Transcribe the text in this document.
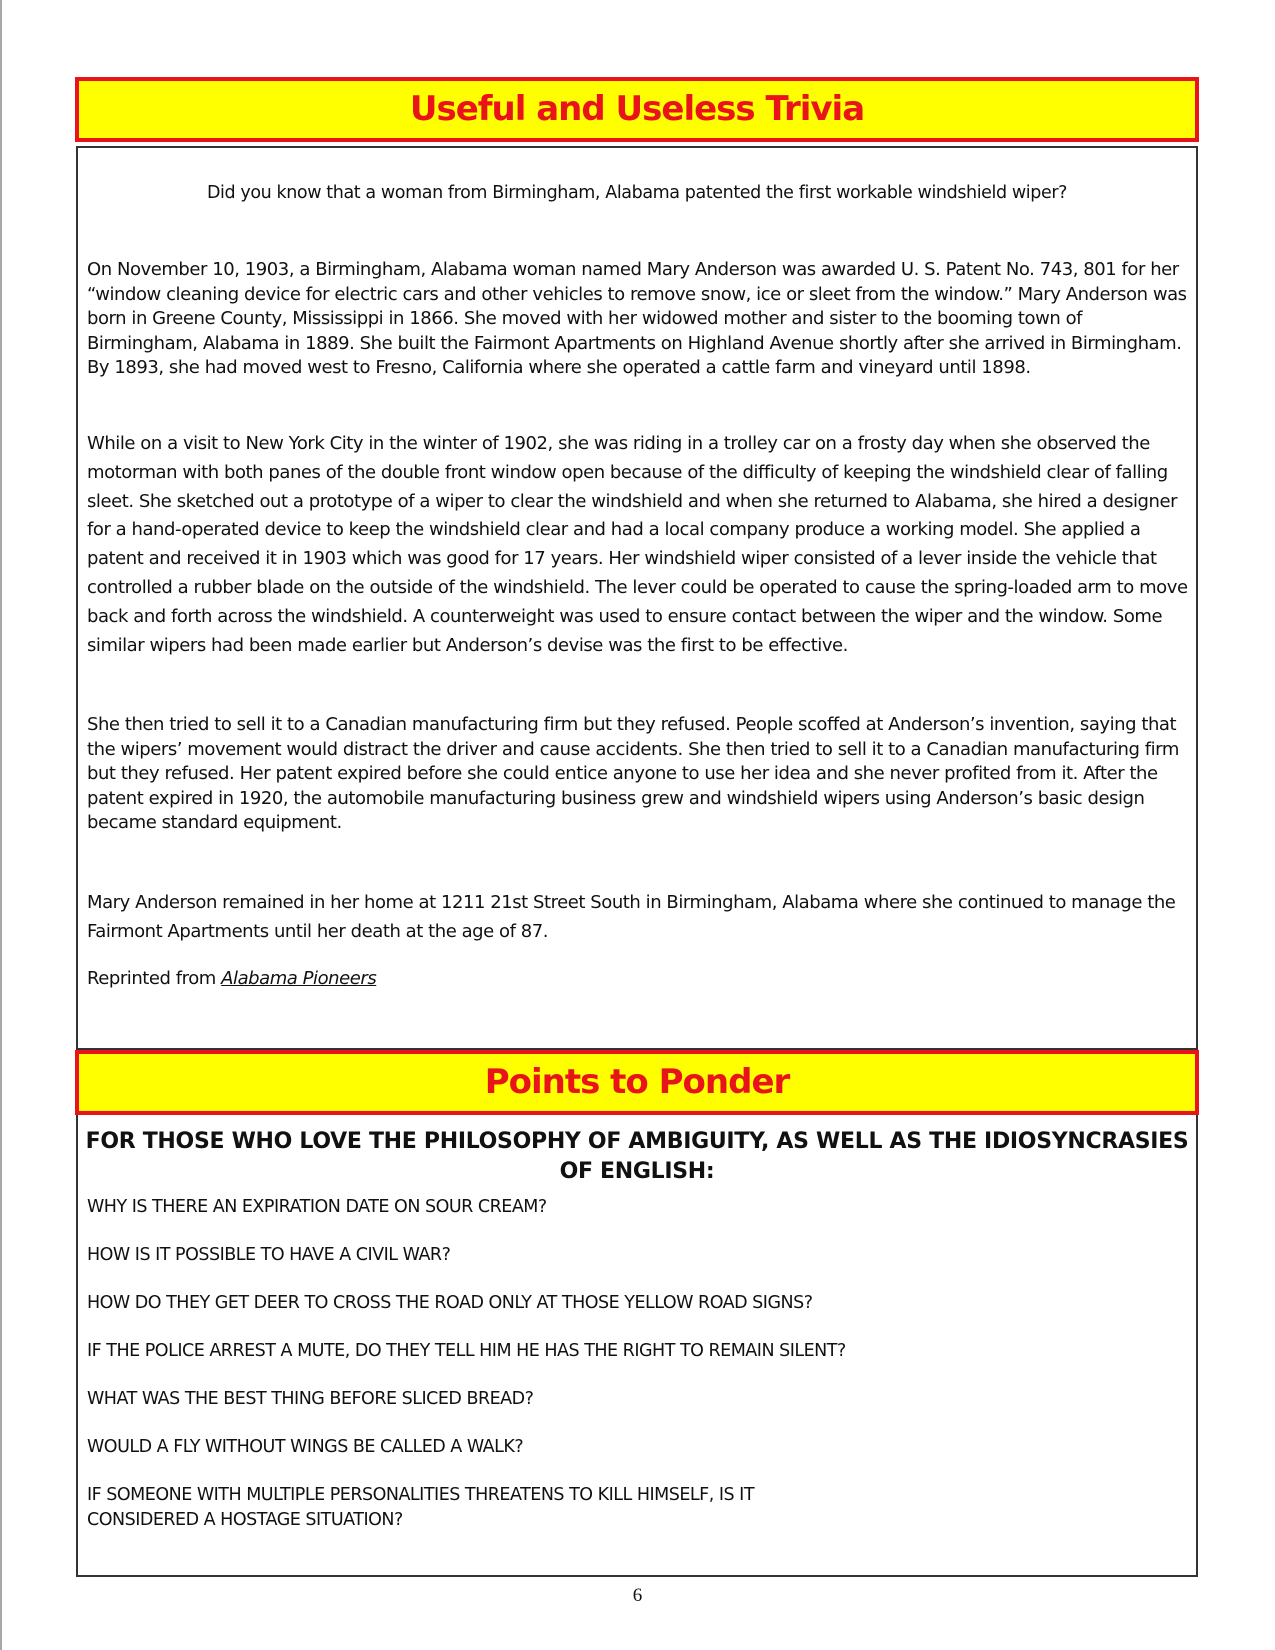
Useful and Useless Trivia
Did you know that a woman from Birmingham, Alabama patented the first workable windshield wiper?
On November 10, 1903, a Birmingham, Alabama woman named Mary Anderson was awarded U. S. Patent No. 743, 801 for her “window cleaning device for electric cars and other vehicles to remove snow, ice or sleet from the window.” Mary Anderson was born in Greene County, Mississippi in 1866. She moved with her widowed mother and sister to the booming town of Birmingham, Alabama in 1889. She built the Fairmont Apartments on Highland Avenue shortly after she arrived in Birmingham. By 1893, she had moved west to Fresno, California where she operated a cattle farm and vineyard until 1898.
While on a visit to New York City in the winter of 1902, she was riding in a trolley car on a frosty day when she observed the motorman with both panes of the double front window open because of the difficulty of keeping the windshield clear of falling sleet. She sketched out a prototype of a wiper to clear the windshield and when she returned to Alabama, she hired a designer for a hand-operated device to keep the windshield clear and had a local company produce a working model. She applied a patent and received it in 1903 which was good for 17 years. Her windshield wiper consisted of a lever inside the vehicle that controlled a rubber blade on the outside of the windshield. The lever could be operated to cause the spring-loaded arm to move back and forth across the windshield. A counterweight was used to ensure contact between the wiper and the window. Some similar wipers had been made earlier but Anderson’s devise was the first to be effective.
She then tried to sell it to a Canadian manufacturing firm but they refused. People scoffed at Anderson’s invention, saying that the wipers’ movement would distract the driver and cause accidents. She then tried to sell it to a Canadian manufacturing firm but they refused. Her patent expired before she could entice anyone to use her idea and she never profited from it. After the patent expired in 1920, the automobile manufacturing business grew and windshield wipers using Anderson’s basic design became standard equipment.
Mary Anderson remained in her home at 1211 21st Street South in Birmingham, Alabama where she continued to manage the Fairmont Apartments until her death at the age of 87.
Reprinted from Alabama Pioneers
Points to Ponder
FOR THOSE WHO LOVE THE PHILOSOPHY OF AMBIGUITY, AS WELL AS THE IDIOSYNCRASIES OF ENGLISH:
WHY IS THERE AN EXPIRATION DATE ON SOUR CREAM?
HOW IS IT POSSIBLE TO HAVE A CIVIL WAR?
HOW DO THEY GET DEER TO CROSS THE ROAD ONLY AT THOSE YELLOW ROAD SIGNS?
IF THE POLICE ARREST A MUTE, DO THEY TELL HIM HE HAS THE RIGHT TO REMAIN SILENT?
WHAT WAS THE BEST THING BEFORE SLICED BREAD?
WOULD A FLY WITHOUT WINGS BE CALLED A WALK?
IF SOMEONE WITH MULTIPLE PERSONALITIES THREATENS TO KILL HIMSELF, IS IT CONSIDERED A HOSTAGE SITUATION?
6
